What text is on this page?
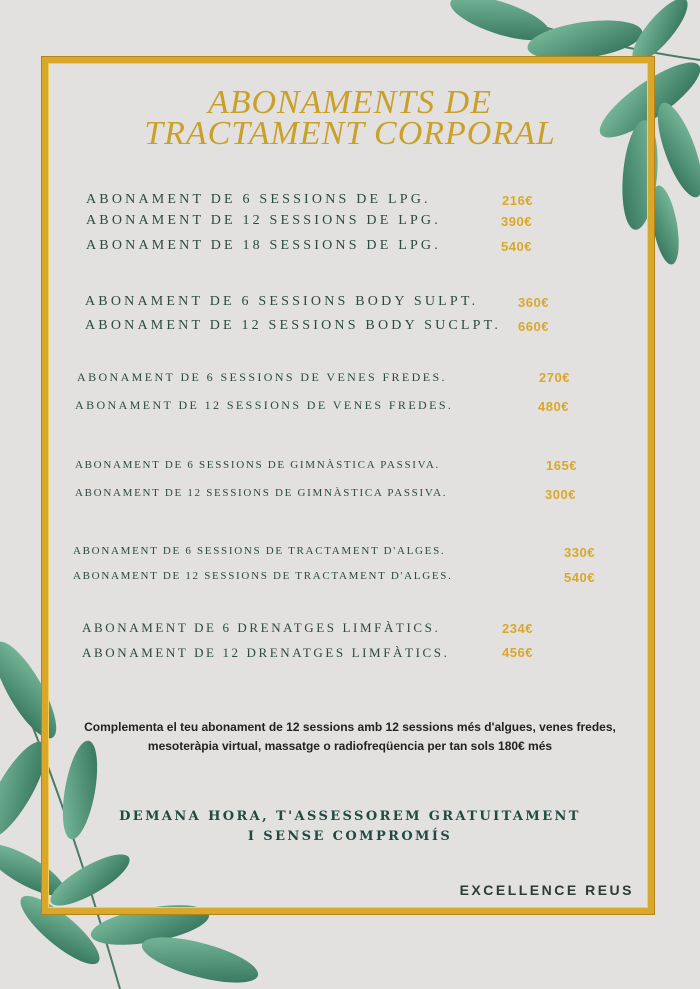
ABONAMENTS DE
TRACTAMENT CORPORAL
ABONAMENT DE 6 SESSIONS DE LPG.	216€
ABONAMENT DE 12 SESSIONS DE LPG.	390€
ABONAMENT DE 18 SESSIONS DE LPG.	540€
ABONAMENT DE 6 SESSIONS BODY SULPT.	360€
ABONAMENT DE 12 SESSIONS BODY SUCLPT. 660€
ABONAMENT DE 6 SESSIONS DE VENES FREDES.	270€
ABONAMENT DE 12 SESSIONS DE VENES FREDES.	480€
ABONAMENT DE 6 SESSIONS DE GIMNÀSTICA PASSIVA.	165€
ABONAMENT DE 12 SESSIONS DE GIMNÀSTICA PASSIVA.	300€
ABONAMENT DE 6 SESSIONS DE TRACTAMENT D'ALGES.	330€
ABONAMENT DE 12 SESSIONS DE TRACTAMENT D'ALGES.	540€
ABONAMENT DE 6 DRENATGES LIMFÀTICS.	234€
ABONAMENT DE 12 DRENATGES LIMFÀTICS.	456€
Complementa el teu abonament de 12 sessions amb 12 sessions més d'algues, venes fredes, mesoteràpia virtual, massatge o radiofreqüencia per tan sols 180€ més
DEMANA HORA, T'ASSESSOREM GRATUITAMENT
I SENSE COMPROMÍS
EXCELLENCE REUS
